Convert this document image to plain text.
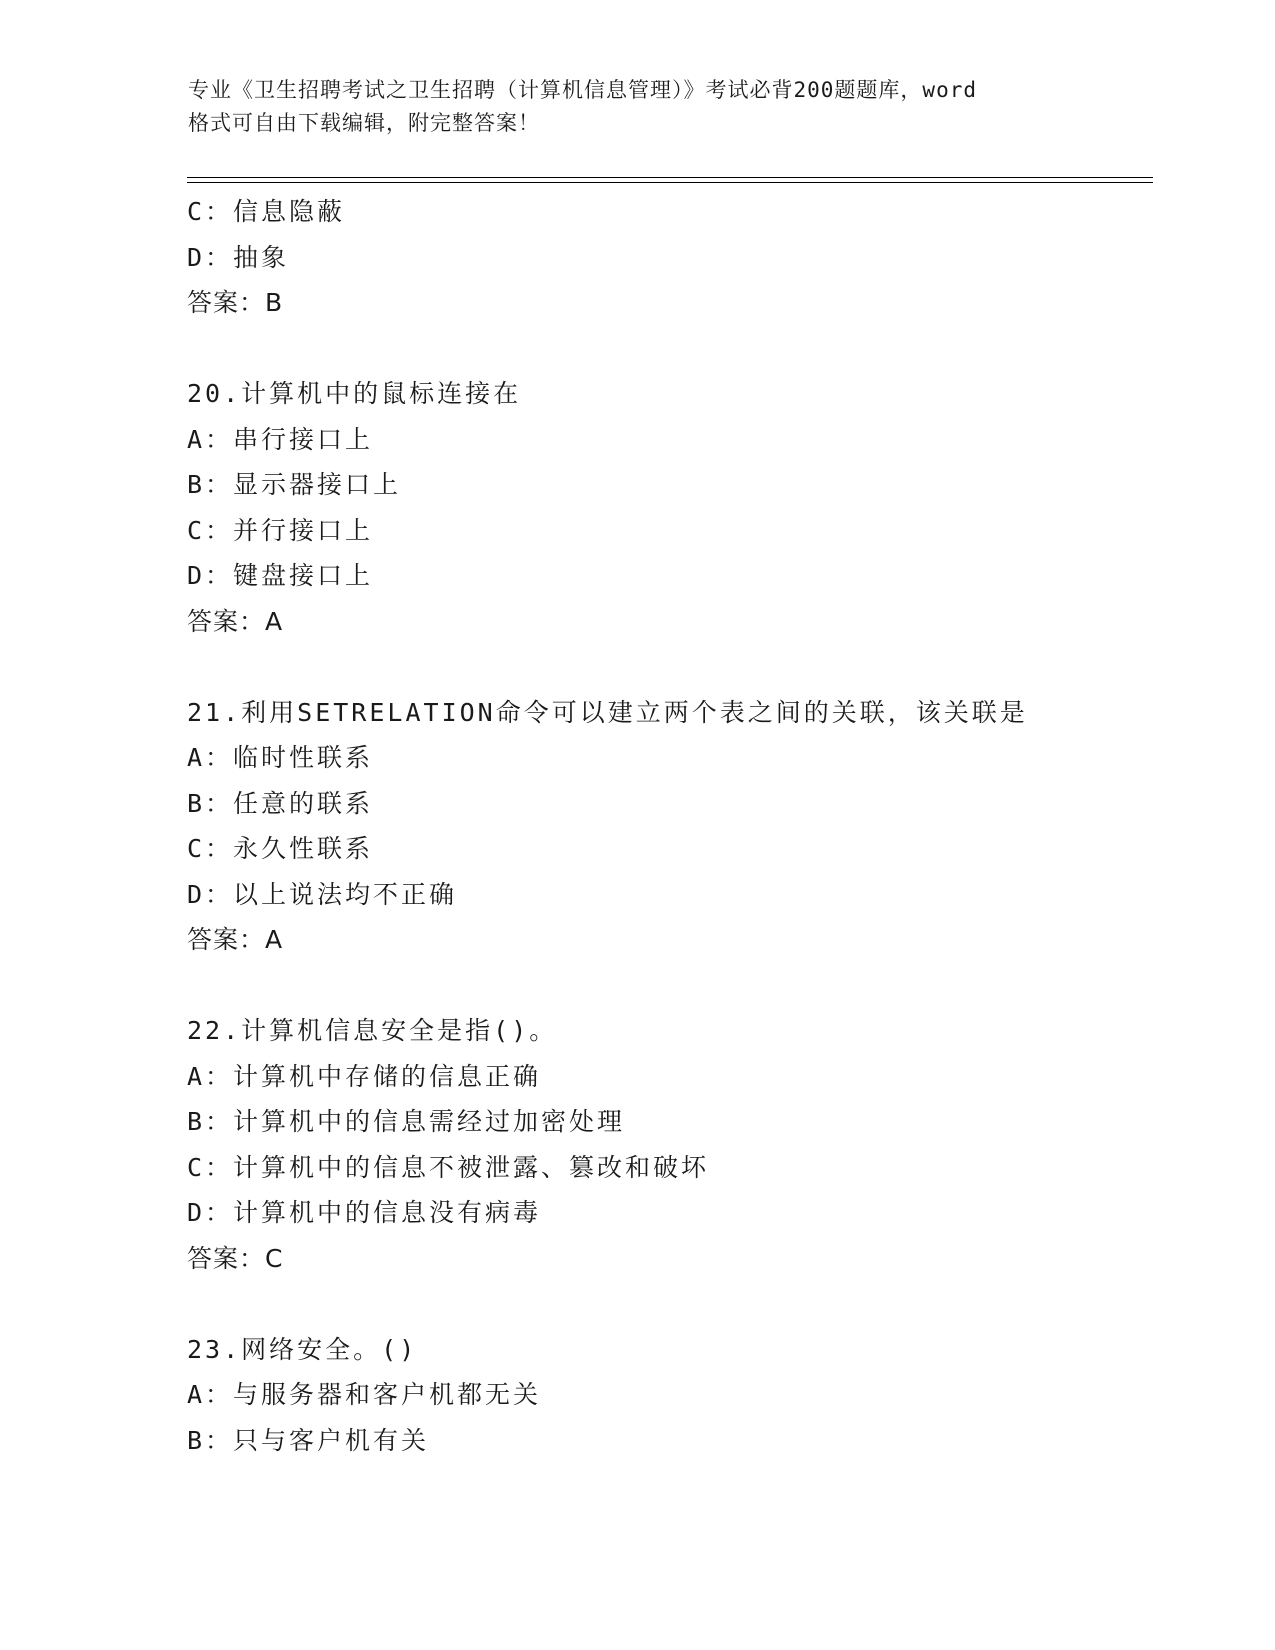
专业《卫生招聘考试之卫生招聘（计算机信息管理）》考试必背200题题库，word
格式可自由下载编辑，附完整答案！
C：信息隐蔽
D：抽象
答案：B
20.计算机中的鼠标连接在
A：串行接口上
B：显示器接口上
C：并行接口上
D：键盘接口上
答案：A
21.利用SETRELATION命令可以建立两个表之间的关联，该关联是
A：临时性联系
B：任意的联系
C：永久性联系
D：以上说法均不正确
答案：A
22.计算机信息安全是指()。
A：计算机中存储的信息正确
B：计算机中的信息需经过加密处理
C：计算机中的信息不被泄露、篡改和破坏
D：计算机中的信息没有病毒
答案：C
23.网络安全。()
A：与服务器和客户机都无关
B：只与客户机有关
